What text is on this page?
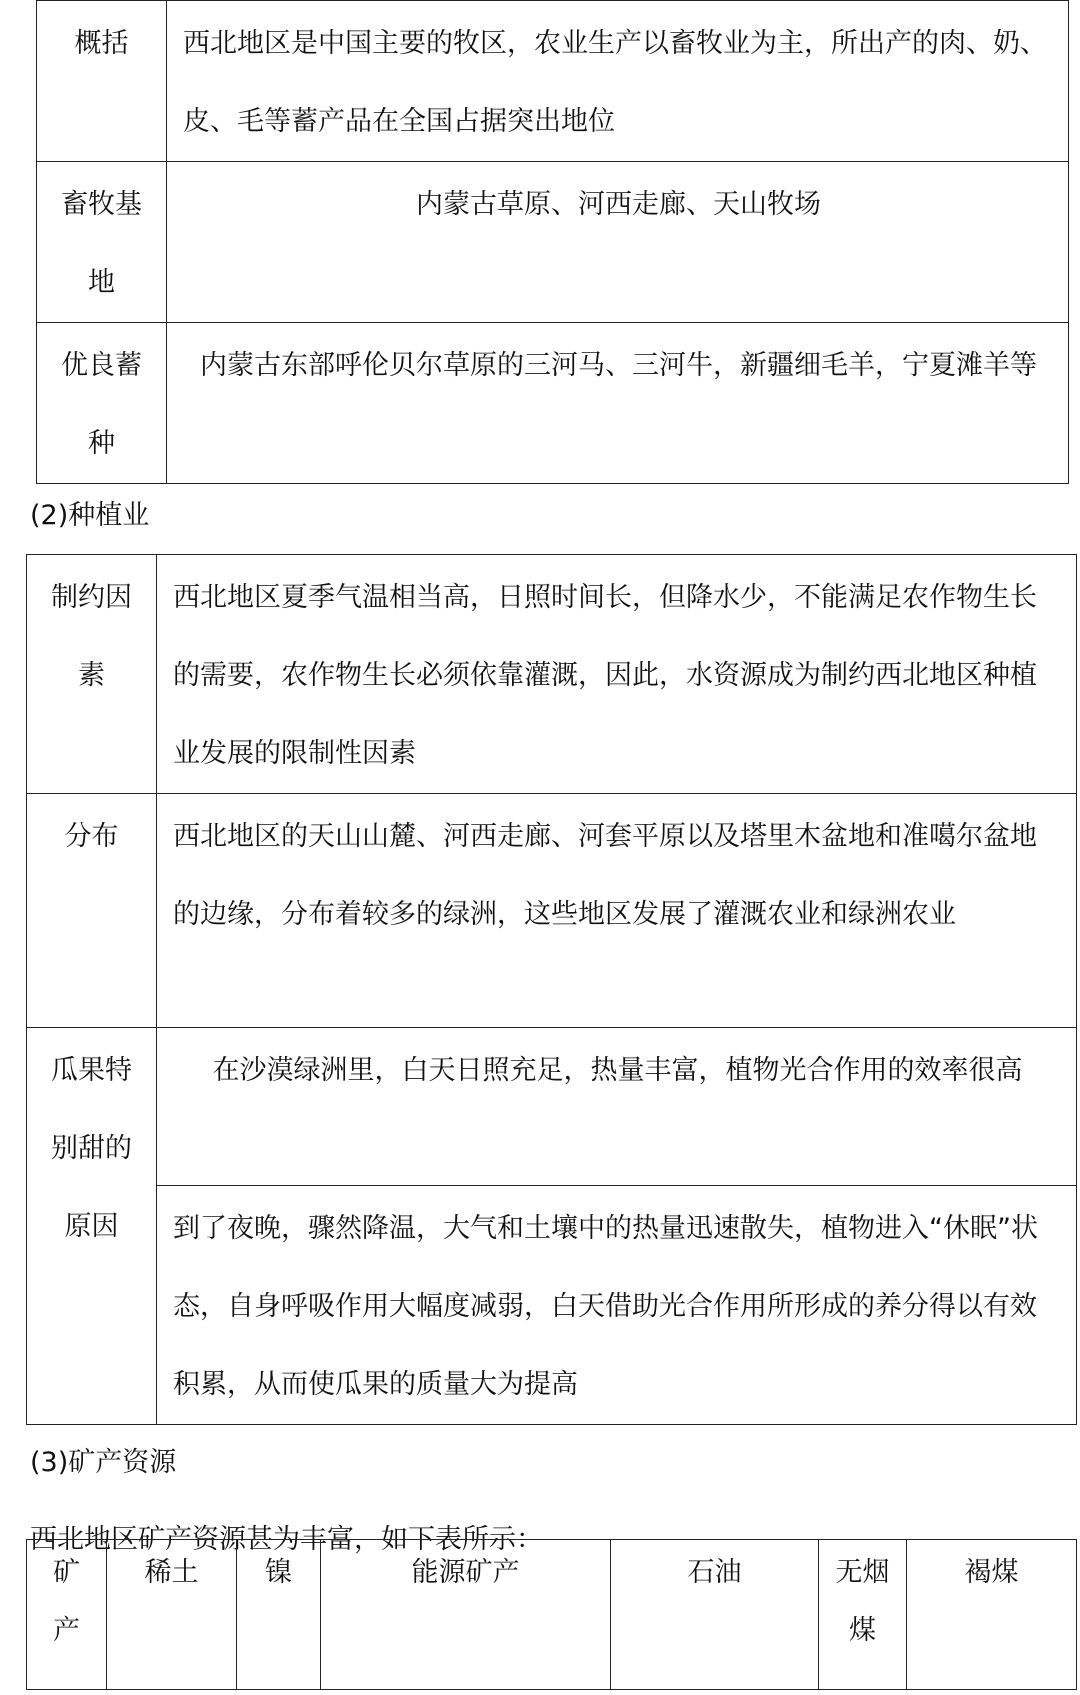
概括	西北地区是中国主要的牧区，农业生产以畜牧业为主，所出产的肉、奶、皮、毛等蓄产品在全国占据突出地位
畜牧基地	内蒙古草原、河西走廊、天山牧场
优良蓄种	内蒙古东部呼伦贝尔草原的三河马、三河牛，新疆细毛羊，宁夏滩羊等
(2)种植业
制约因素	西北地区夏季气温相当高，日照时间长，但降水少，不能满足农作物生长的需要，农作物生长必须依靠灌溉，因此，水资源成为制约西北地区种植业发展的限制性因素
分布	西北地区的天山山麓、河西走廊、河套平原以及塔里木盆地和准噶尔盆地的边缘，分布着较多的绿洲，这些地区发展了灌溉农业和绿洲农业
瓜果特别甜的原因	在沙漠绿洲里，白天日照充足，热量丰富，植物光合作用的效率很高
	到了夜晚，骤然降温，大气和土壤中的热量迅速散失，植物进入“休眠”状态，自身呼吸作用大幅度减弱，白天借助光合作用所形成的养分得以有效积累，从而使瓜果的质量大为提高
(3)矿产资源
西北地区矿产资源甚为丰富，如下表所示：
矿产	稀土	镍	能源矿产	石油	无烟煤	褐煤
